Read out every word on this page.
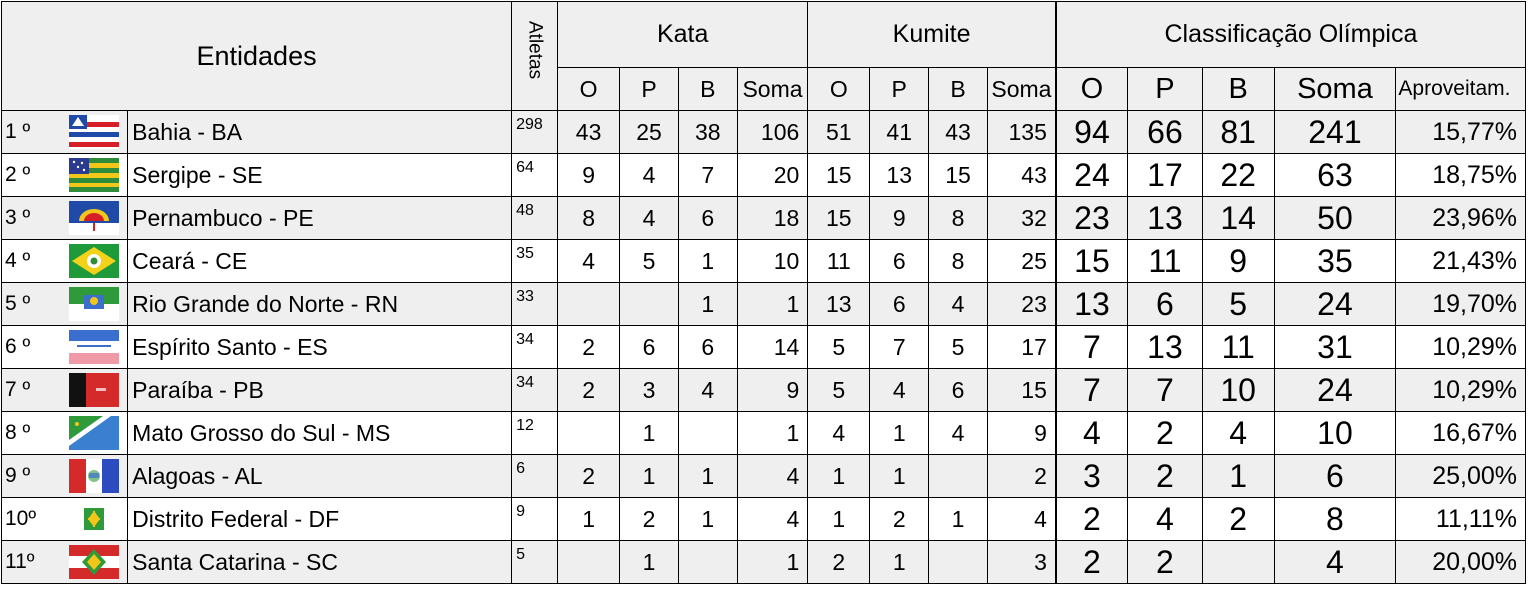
Entidades			Atletas	Kata				Kumite				Classificação Olímpica				
				O	P	B	Soma	O	P	B	Soma	O	P	B	Soma	Aproveitam.
1 º		Bahia - BA	298	43	25	38	106	51	41	43	135	94	66	81	241	15,77%
2 º		Sergipe - SE	64	9	4	7	20	15	13	15	43	24	17	22	63	18,75%
3 º		Pernambuco - PE	48	8	4	6	18	15	9	8	32	23	13	14	50	23,96%
4 º		Ceará - CE	35	4	5	1	10	11	6	8	25	15	11	9	35	21,43%
5 º		Rio Grande do Norte - RN	33			1	1	13	6	4	23	13	6	5	24	19,70%
6 º		Espírito Santo - ES	34	2	6	6	14	5	7	5	17	7	13	11	31	10,29%
7 º		Paraíba - PB	34	2	3	4	9	5	4	6	15	7	7	10	24	10,29%
8 º		Mato Grosso do Sul - MS	12		1		1	4	1	4	9	4	2	4	10	16,67%
9 º		Alagoas - AL	6	2	1	1	4	1	1		2	3	2	1	6	25,00%
10º		Distrito Federal - DF	9	1	2	1	4	1	2	1	4	2	4	2	8	11,11%
11º		Santa Catarina - SC	5		1		1	2	1		3	2	2		4	20,00%
